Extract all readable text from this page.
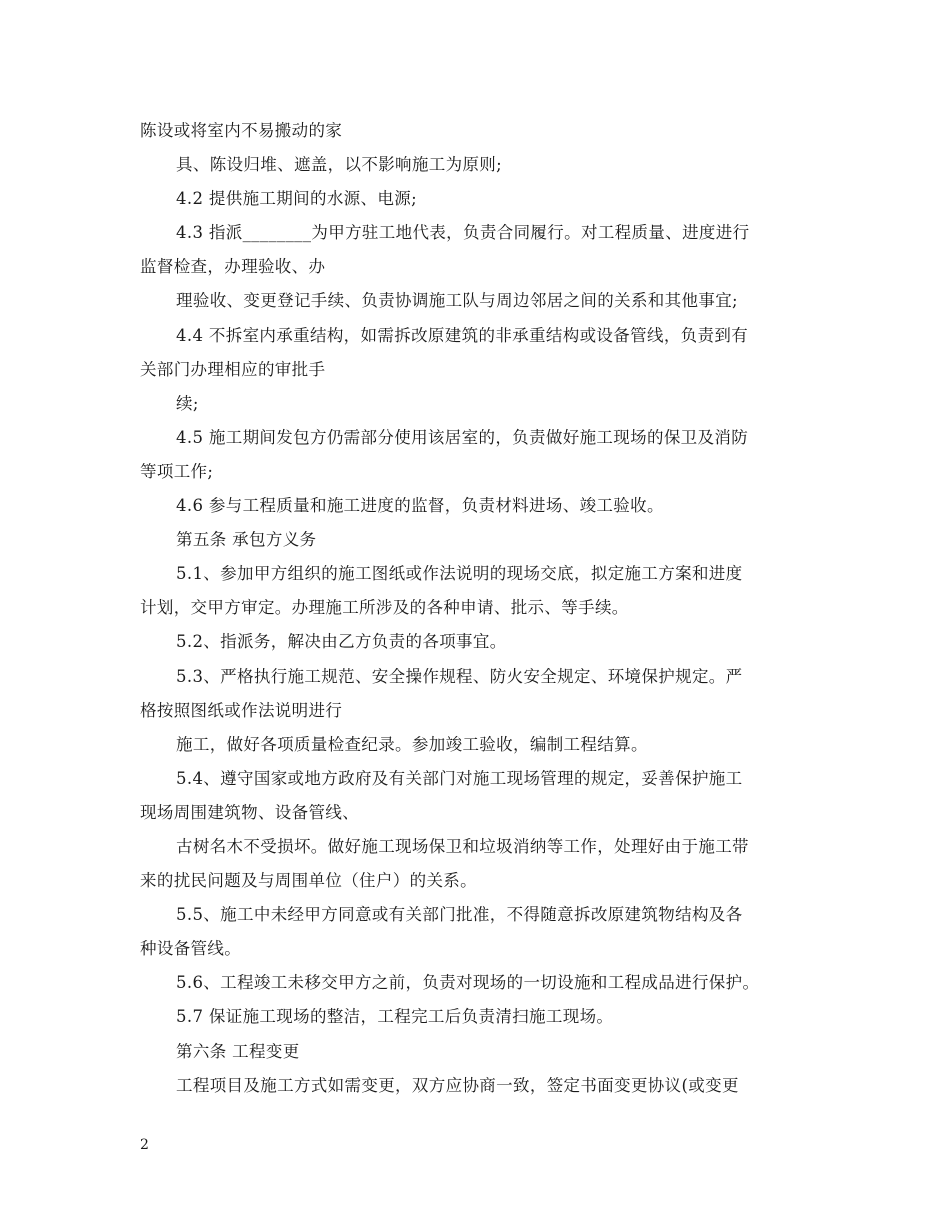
陈设或将室内不易搬动的家
具、陈设归堆、遮盖，以不影响施工为原则;
4.2 提供施工期间的水源、电源;
4.3 指派________为甲方驻工地代表，负责合同履行。对工程质量、进度进行
监督检查，办理验收、办
理验收、变更登记手续、负责协调施工队与周边邻居之间的关系和其他事宜;
4.4 不拆室内承重结构，如需拆改原建筑的非承重结构或设备管线，负责到有
关部门办理相应的审批手
续;
4.5 施工期间发包方仍需部分使用该居室的，负责做好施工现场的保卫及消防
等项工作;
4.6 参与工程质量和施工进度的监督，负责材料进场、竣工验收。
第五条 承包方义务
5.1、参加甲方组织的施工图纸或作法说明的现场交底，拟定施工方案和进度
计划，交甲方审定。办理施工所涉及的各种申请、批示、等手续。
5.2、指派务，解决由乙方负责的各项事宜。
5.3、严格执行施工规范、安全操作规程、防火安全规定、环境保护规定。严
格按照图纸或作法说明进行
施工，做好各项质量检查纪录。参加竣工验收，编制工程结算。
5.4、遵守国家或地方政府及有关部门对施工现场管理的规定，妥善保护施工
现场周围建筑物、设备管线、
古树名木不受损坏。做好施工现场保卫和垃圾消纳等工作，处理好由于施工带
来的扰民问题及与周围单位（住户）的关系。
5.5、施工中未经甲方同意或有关部门批准，不得随意拆改原建筑物结构及各
种设备管线。
5.6、工程竣工未移交甲方之前，负责对现场的一切设施和工程成品进行保护。
5.7 保证施工现场的整洁，工程完工后负责清扫施工现场。
第六条 工程变更
工程项目及施工方式如需变更，双方应协商一致，签定书面变更协议(或变更
2
